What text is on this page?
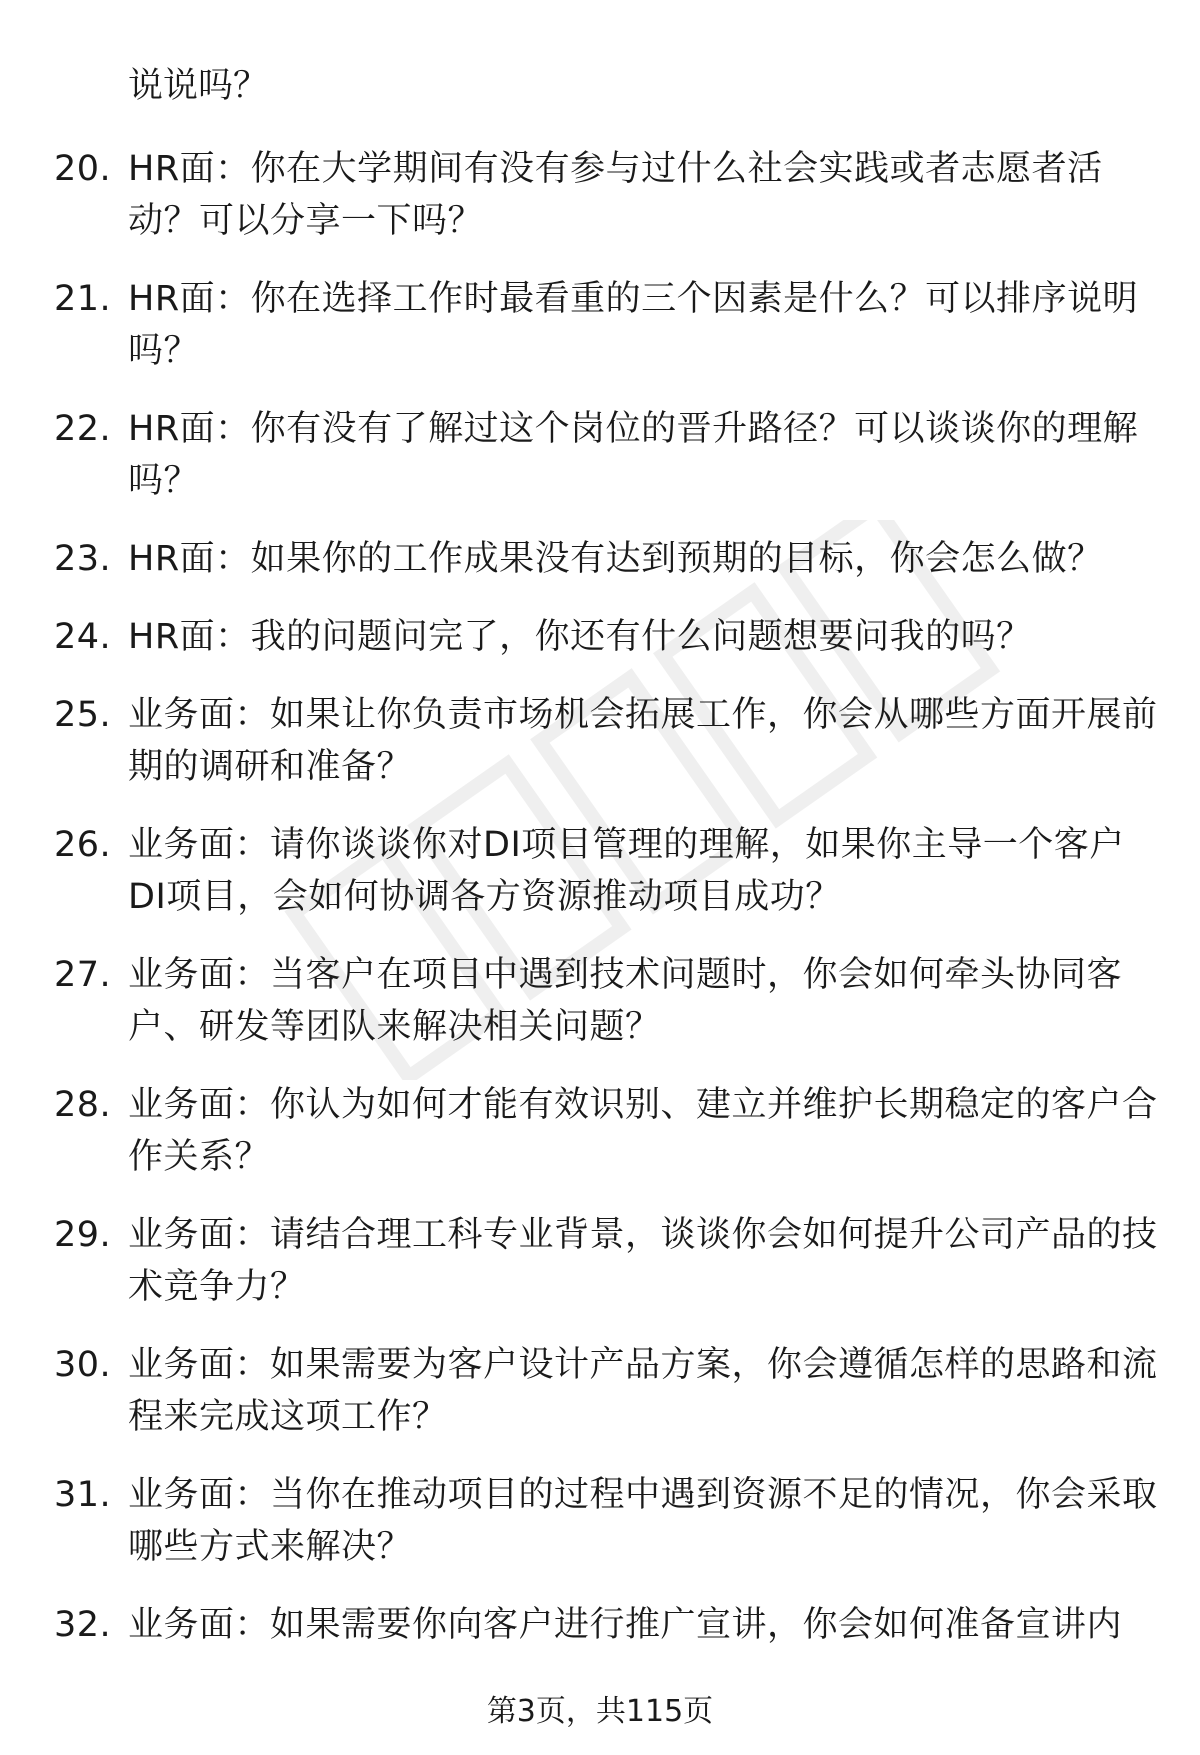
说说吗？
20. HR面：你在大学期间有没有参与过什么社会实践或者志愿者活动？可以分享一下吗？
21. HR面：你在选择工作时最看重的三个因素是什么？可以排序说明吗？
22. HR面：你有没有了解过这个岗位的晋升路径？可以谈谈你的理解吗？
23. HR面：如果你的工作成果没有达到预期的目标，你会怎么做？
24. HR面：我的问题问完了，你还有什么问题想要问我的吗？
25. 业务面：如果让你负责市场机会拓展工作，你会从哪些方面开展前期的调研和准备？
26. 业务面：请你谈谈你对DI项目管理的理解，如果你主导一个客户DI项目，会如何协调各方资源推动项目成功？
27. 业务面：当客户在项目中遇到技术问题时，你会如何牵头协同客户、研发等团队来解决相关问题？
28. 业务面：你认为如何才能有效识别、建立并维护长期稳定的客户合作关系？
29. 业务面：请结合理工科专业背景，谈谈你会如何提升公司产品的技术竞争力？
30. 业务面：如果需要为客户设计产品方案，你会遵循怎样的思路和流程来完成这项工作？
31. 业务面：当你在推动项目的过程中遇到资源不足的情况，你会采取哪些方式来解决？
32. 业务面：如果需要你向客户进行推广宣讲，你会如何准备宣讲内
第3页，共115页
